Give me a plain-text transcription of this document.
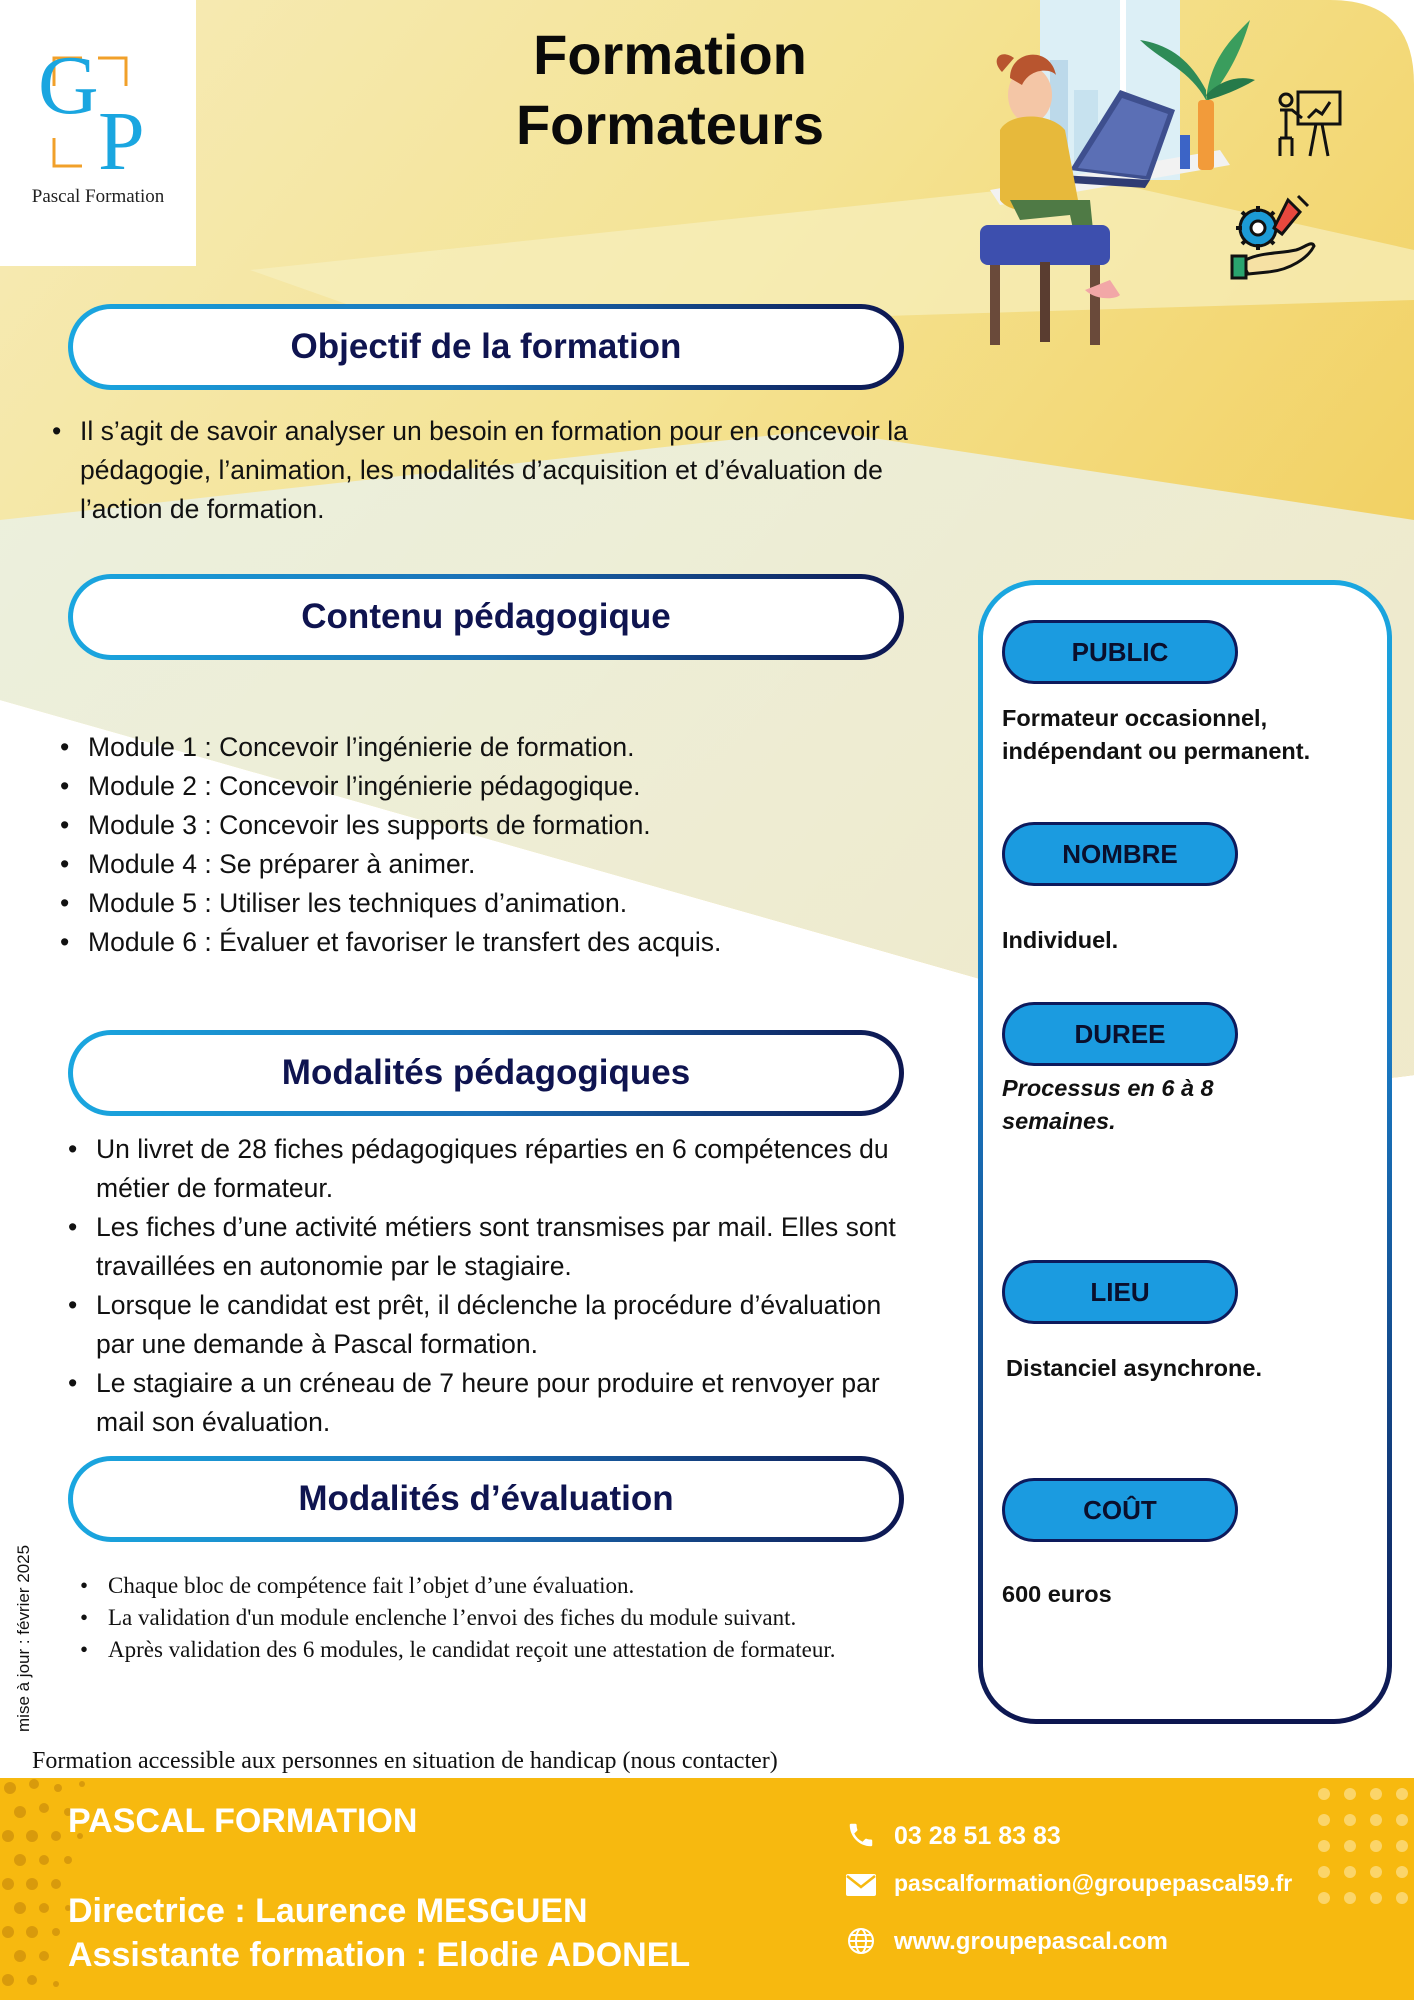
G
P
Pascal Formation
Formation
Formateurs
Objectif de la formation
• Il s’agit de savoir analyser un besoin en formation pour en concevoir la pédagogie, l’animation, les modalités d’acquisition et d’évaluation de l’action de formation.
Contenu pédagogique
• Module 1 : Concevoir l’ingénierie de formation.
• Module 2 : Concevoir l’ingénierie pédagogique.
• Module 3 : Concevoir les supports de formation.
• Module 4 : Se préparer à animer.
• Module 5 : Utiliser les techniques d’animation.
• Module 6 : Évaluer et favoriser le transfert des acquis.
Modalités pédagogiques
• Un livret de 28 fiches pédagogiques réparties en 6 compétences du métier de formateur.
• Les fiches d’une activité métiers sont transmises par mail. Elles sont travaillées en autonomie par le stagiaire.
• Lorsque le candidat est prêt, il déclenche la procédure d’évaluation par une demande à Pascal formation.
• Le stagiaire a un créneau de 7 heure pour produire et renvoyer par mail son évaluation.
Modalités d’évaluation
• Chaque bloc de compétence fait l’objet d’une évaluation.
• La validation d'un module enclenche l’envoi des fiches du module suivant.
• Après validation des 6 modules, le candidat reçoit une attestation de formateur.
mise à jour : février 2025
Formation accessible aux personnes en situation de handicap (nous contacter)
PUBLIC
Formateur occasionnel, indépendant ou permanent.
NOMBRE
Individuel.
DUREE
Processus en 6 à 8 semaines.
LIEU
Distanciel asynchrone.
COÛT
600 euros
PASCAL FORMATION
Directrice : Laurence MESGUEN
Assistante formation : Elodie ADONEL
03 28 51 83 83
pascalformation@groupepascal59.fr
www.groupepascal.com
